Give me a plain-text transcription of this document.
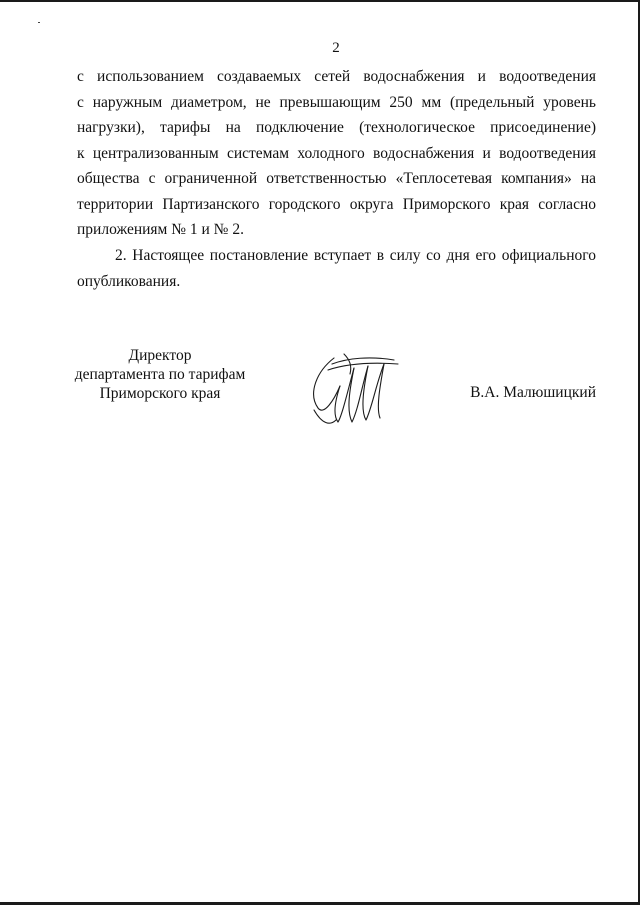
2
с использованием создаваемых сетей водоснабжения и водоотведения
с наружным диаметром, не превышающим 250 мм (предельный уровень
нагрузки), тарифы на подключение (технологическое присоединение)
к централизованным системам холодного водоснабжения и водоотведения
общества с ограниченной ответственностью «Теплосетевая компания» на
территории Партизанского городского округа Приморского края согласно
приложениям № 1 и № 2.
2. Настоящее постановление вступает в силу со дня его официального
опубликования.
Директор
департамента по тарифам
Приморского края	В.А. Малюшицкий
